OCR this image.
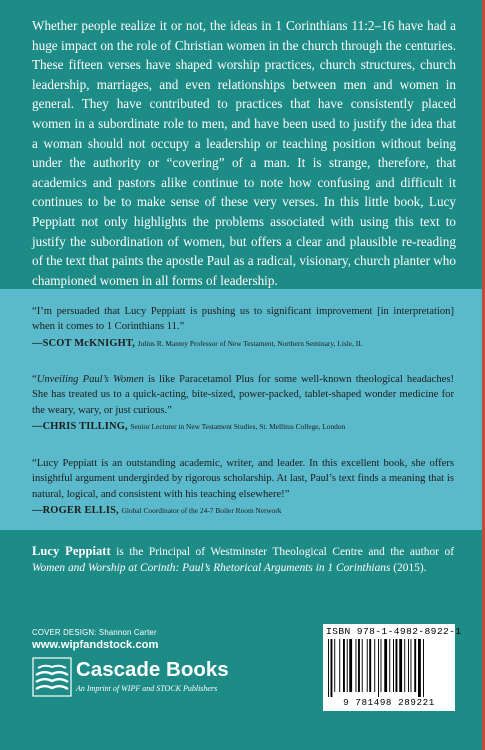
Whether people realize it or not, the ideas in 1 Corinthians 11:2–16 have had a huge impact on the role of Christian women in the church through the centuries. These fifteen verses have shaped worship practices, church structures, church leadership, marriages, and even relationships between men and women in general. They have contributed to practices that have consistently placed women in a subordinate role to men, and have been used to justify the idea that a woman should not occupy a leadership or teaching position without being under the authority or “covering” of a man. It is strange, therefore, that academics and pastors alike continue to note how confusing and difficult it continues to be to make sense of these very verses. In this little book, Lucy Peppiatt not only highlights the problems associated with using this text to justify the subordination of women, but offers a clear and plausible re-reading of the text that paints the apostle Paul as a radical, visionary, church planter who championed women in all forms of leadership.

“I’m persuaded that Lucy Peppiatt is pushing us to significant improvement [in interpretation] when it comes to 1 Corinthians 11.”

—SCOT McKNIGHT, Julius R. Mantey Professor of New Testament, Northern Seminary, Lisle, IL

“Unveiling Paul’s Women is like Paracetamol Plus for some well-known theological headaches! She has treated us to a quick-acting, bite-sized, power-packed, tablet-shaped wonder medicine for the weary, wary, or just curious.”

—CHRIS TILLING, Senior Lecturer in New Testament Studies, St. Mellitus College, London

“Lucy Peppiatt is an outstanding academic, writer, and leader. In this excellent book, she offers insightful argument undergirded by rigorous scholarship. At last, Paul’s text finds a meaning that is natural, logical, and consistent with his teaching elsewhere!”

—ROGER ELLIS, Global Coordinator of the 24-7 Boiler Room Network

Lucy Peppiatt is the Principal of Westminster Theological Centre and the author of Women and Worship at Corinth: Paul’s Rhetorical Arguments in 1 Corinthians (2015).

COVER DESIGN: Shannon Carter

www.wipfandstock.com

Cascade Books
An Imprint of WIPF and STOCK Publishers
ISBN 978-1-4982-8922-1
9 781498 289221
